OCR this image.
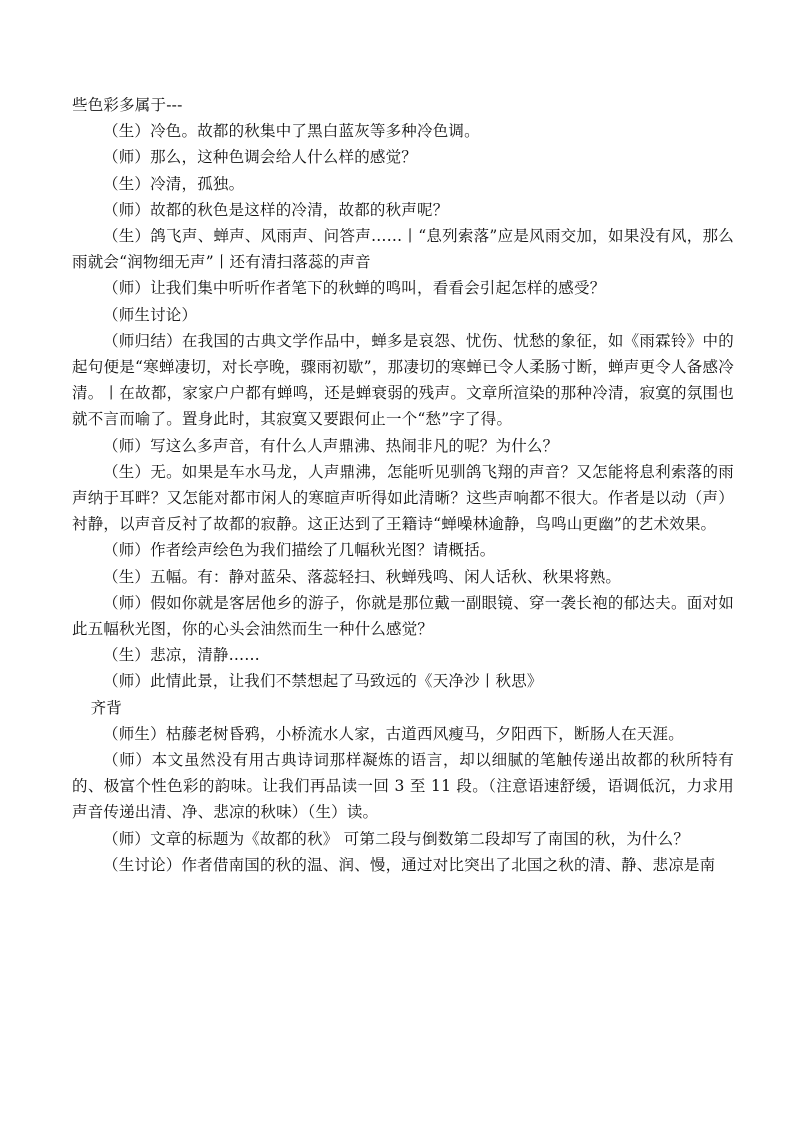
些色彩多属于---

（生）冷色。故都的秋集中了黑白蓝灰等多种冷色调。

（师）那么，这种色调会给人什么样的感觉？

（生）冷清，孤独。

（师）故都的秋色是这样的冷清，故都的秋声呢？

（生）鸽飞声、蝉声、风雨声、问答声……丨“息列索落”应是风雨交加，如果没有风，那么雨就会“润物细无声”丨还有清扫落蕊的声音

（师）让我们集中听听作者笔下的秋蝉的鸣叫，看看会引起怎样的感受？

（师生讨论）

（师归结）在我国的古典文学作品中，蝉多是哀怨、忧伤、忧愁的象征，如《雨霖铃》中的起句便是“寒蝉凄切，对长亭晚，骤雨初歇”，那凄切的寒蝉已令人柔肠寸断，蝉声更令人备感冷清。丨在故都，家家户户都有蝉鸣，还是蝉衰弱的残声。文章所渲染的那种冷清，寂寞的氛围也就不言而喻了。置身此时，其寂寞又要跟何止一个“愁”字了得。

（师）写这么多声音，有什么人声鼎沸、热闹非凡的呢？为什么？

（生）无。如果是车水马龙，人声鼎沸，怎能听见驯鸽飞翔的声音？又怎能将息利索落的雨声纳于耳畔？又怎能对都市闲人的寒暄声听得如此清晰？这些声响都不很大。作者是以动（声）衬静，以声音反衬了故都的寂静。这正达到了王籍诗“蝉噪林逾静，鸟鸣山更幽”的艺术效果。

（师）作者绘声绘色为我们描绘了几幅秋光图？请概括。

（生）五幅。有：静对蓝朵、落蕊轻扫、秋蝉残鸣、闲人话秋、秋果将熟。

（师）假如你就是客居他乡的游子，你就是那位戴一副眼镜、穿一袭长袍的郁达夫。面对如此五幅秋光图，你的心头会油然而生一种什么感觉？

（生）悲凉，清静……

（师）此情此景，让我们不禁想起了马致远的《天净沙丨秋思》

齐背

（师生）枯藤老树昏鸦，小桥流水人家，古道西风瘦马，夕阳西下，断肠人在天涯。

（师）本文虽然没有用古典诗词那样凝炼的语言，却以细腻的笔触传递出故都的秋所特有的、极富个性色彩的韵味。让我们再品读一回 3 至 11 段。（注意语速舒缓，语调低沉，力求用声音传递出清、净、悲凉的秋味）（生）读。

（师）文章的标题为《故都的秋》 可第二段与倒数第二段却写了南国的秋，为什么？

（生讨论）作者借南国的秋的温、润、慢，通过对比突出了北国之秋的清、静、悲凉是南
